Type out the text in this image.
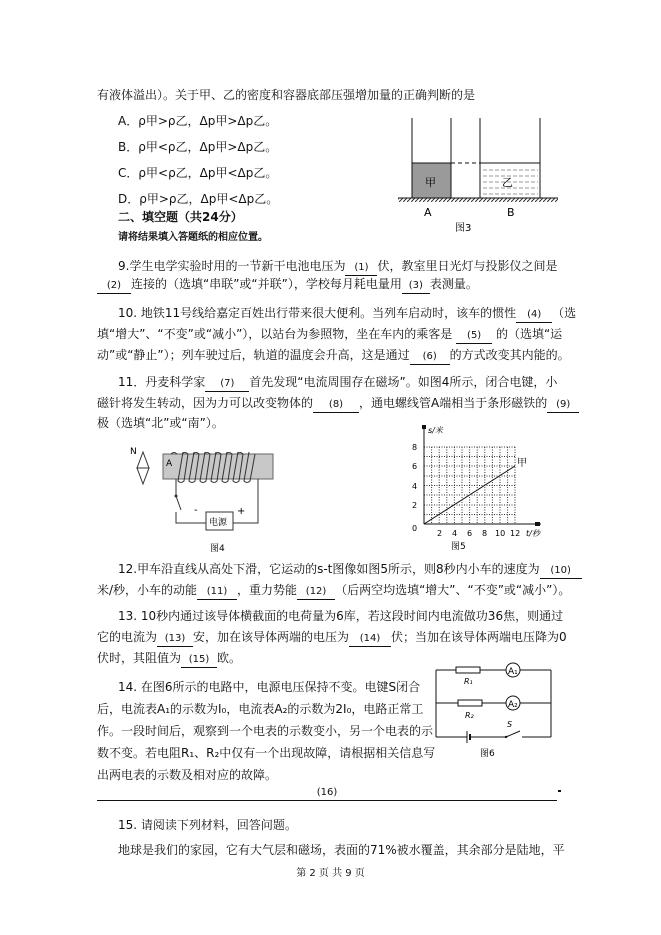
有液体溢出）。关于甲、乙的密度和容器底部压强增加量的正确判断的是
A．ρ甲>ρ乙，Δp甲>Δp乙。
B．ρ甲<ρ乙，Δp甲>Δp乙。
C．ρ甲<ρ乙，Δp甲<Δp乙。
D．ρ甲>ρ乙，Δp甲<Δp乙。
二、填空题（共24分）
请将结果填入答题纸的相应位置。
甲	乙
A	B
图3
9.学生电学实验时用的一节新干电池电压为 (1) 伏，教室里日光灯与投影仪之间是
(2) 连接的（选填“串联”或“并联”），学校每月耗电量用 (3) 表测量。
10. 地铁11号线给嘉定百姓出行带来很大便利。当列车启动时，该车的惯性 (4) （选
填“增大”、“不变”或“减小”），以站台为参照物，坐在车内的乘客是 (5) 的（选填“运
动”或“静止”）；列车驶过后，轨道的温度会升高，这是通过 (6) 的方式改变其内能的。
11．丹麦科学家 (7) 首先发现“电流周围存在磁场”。如图4所示，闭合电键，小
磁针将发生转动，因为力可以改变物体的 (8) ，通电螺线管A端相当于条形磁铁的 (9)
极（选填“北”或“南”）。
N
A
电源
-	+
图4
甲
s/米
t/秒
8
6
4
2
0
2 4 6 8 10 12
图5
12.甲车沿直线从高处下滑，它运动的s-t图像如图5所示，则8秒内小车的速度为 (10)
米/秒，小车的动能 (11) ，重力势能 (12) （后两空均选填“增大”、“不变”或“减小”）。
13. 10秒内通过该导体横截面的电荷量为6库，若这段时间内电流做功36焦，则通过
它的电流为 (13) 安，加在该导体两端的电压为 (14) 伏；当加在该导体两端电压降为0
伏时，其阻值为 (15) 欧。
14. 在图6所示的电路中，电源电压保持不变。电键S闭合
后，电流表A₁的示数为I₀，电流表A₂的示数为2I₀，电路正常工
作。一段时间后，观察到一个电表的示数变小，另一个电表的示
数不变。若电阻R₁、R₂中仅有一个出现故障，请根据相关信息写
出两电表的示数及相对应的故障。
(16)
A₁
R₁
A₂
R₂
S
图6
15. 请阅读下列材料，回答问题。
地球是我们的家园，它有大气层和磁场，表面的71%被水覆盖，其余部分是陆地，平
第 2 页 共 9 页
